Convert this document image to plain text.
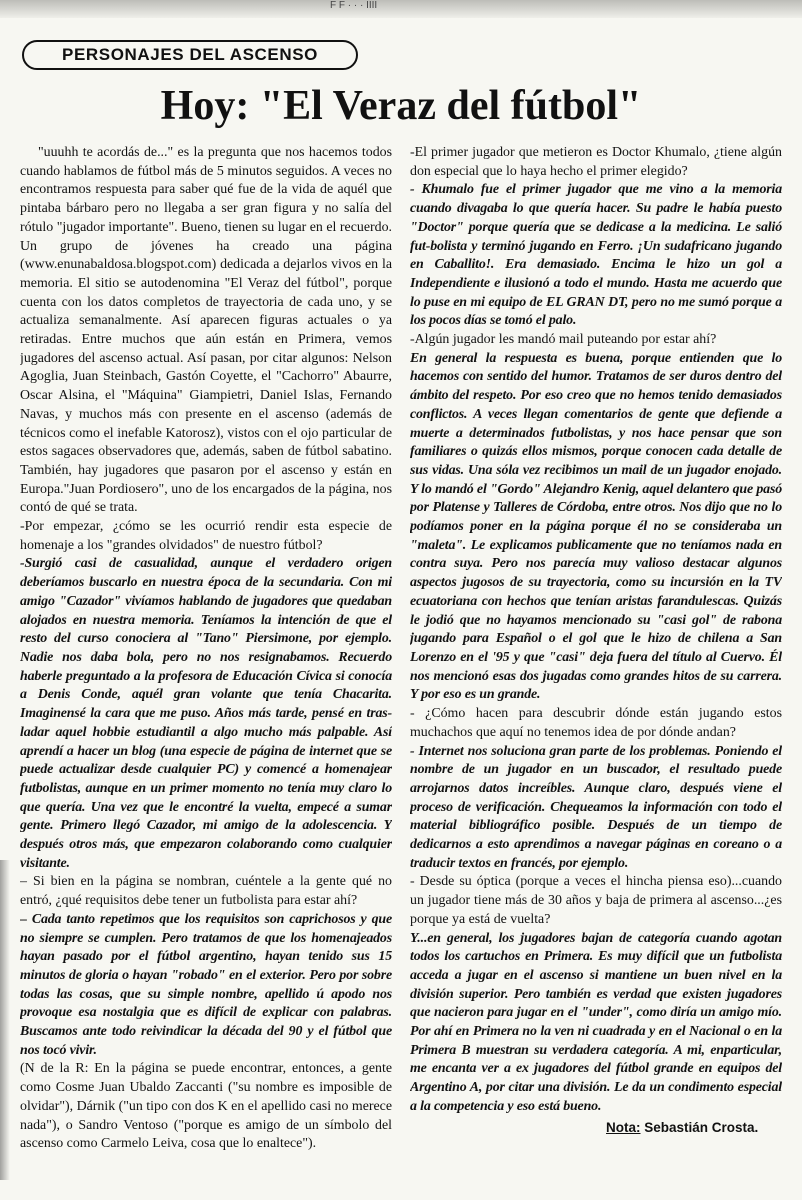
F F · · · IIII
PERSONAJES DEL ASCENSO
Hoy: "El Veraz del fútbol"

"uuuhh te acordás de..." es la pregunta que nos hacemos todos cuando hablamos de fútbol más de 5 minutos seguidos. A veces no encontramos respuesta para saber qué fue de la vida de aquél que pintaba bárbaro pero no llegaba a ser gran figura y no salía del rótulo "jugador importante". Bueno, tienen su lugar en el recuerdo. Un grupo de jóvenes ha creado una página (www.enunabaldosa.blogspot.com) dedicada a dejarlos vivos en la memoria. El sitio se autodenomina "El Veraz del fútbol", porque cuenta con los datos completos de trayectoria de cada uno, y se actualiza semanalmente. Así aparecen figuras actuales o ya retiradas. Entre muchos que aún están en Primera, vemos jugadores del ascenso actual. Así pasan, por citar algunos: Nelson Agoglia, Juan Steinbach, Gastón Coyette, el "Cachorro" Abaurre, Oscar Alsina, el "Máquina" Giampietri, Daniel Islas, Fernando Navas, y muchos más con presente en el ascenso (además de técnicos como el inefable Katorosz), vistos con el ojo particular de estos sagaces observadores que, además, saben de fútbol sabatino. También, hay jugadores que pasaron por el ascenso y están en Europa."Juan Pordiosero", uno de los encargados de la página, nos contó de qué se trata.

-Por empezar, ¿cómo se les ocurrió rendir esta especie de homenaje a los "grandes olvidados" de nuestro fútbol?

-Surgió casi de casualidad, aunque el verdadero origen deberíamos buscarlo en nuestra época de la secundaria. Con mi amigo "Cazador" vivíamos hablando de jugadores que quedaban alojados en nuestra memoria. Teníamos la intención de que el resto del curso conociera al "Tano" Piersimone, por ejemplo. Nadie nos daba bola, pero no nos resignabamos. Recuerdo haberle preguntado a la profesora de Educación Cívica si conocía a Denis Conde, aquél gran volante que tenía Chacarita. Imaginensé la cara que me puso. Años más tarde, pensé en tras-ladar aquel hobbie estudiantil a algo mucho más palpable. Así aprendí a hacer un blog (una especie de página de internet que se puede actualizar desde cualquier PC) y comencé a homenajear futbolistas, aunque en un primer momento no tenía muy claro lo que quería. Una vez que le encontré la vuelta, empecé a sumar gente. Primero llegó Cazador, mi amigo de la adolescencia. Y después otros más, que empezaron colaborando como cualquier visitante.

– Si bien en la página se nombran, cuéntele a la gente qué no entró, ¿qué requisitos debe tener un futbolista para estar ahí?

– Cada tanto repetimos que los requisitos son caprichosos y que no siempre se cumplen. Pero tratamos de que los homenajeados hayan pasado por el fútbol argentino, hayan tenido sus 15 minutos de gloria o hayan "robado" en el exterior. Pero por sobre todas las cosas, que su simple nombre, apellido ú apodo nos provoque esa nostalgia que es difícil de explicar con palabras. Buscamos ante todo reivindicar la década del 90 y el fútbol que nos tocó vivir.

(N de la R: En la página se puede encontrar, entonces, a gente como Cosme Juan Ubaldo Zaccanti ("su nombre es imposible de olvidar"), Dárnik ("un tipo con dos K en el apellido casi no merece nada"), o Sandro Ventoso ("porque es amigo de un símbolo del ascenso como Carmelo Leiva, cosa que lo enaltece").

-El primer jugador que metieron es Doctor Khumalo, ¿tiene algún don especial que lo haya hecho el primer elegido?

- Khumalo fue el primer jugador que me vino a la memoria cuando divagaba lo que quería hacer. Su padre le había puesto "Doctor" porque quería que se dedicase a la medicina. Le salió fut-bolista y terminó jugando en Ferro. ¡Un sudafricano jugando en Caballito!. Era demasiado. Encima le hizo un gol a Independiente e ilusionó a todo el mundo. Hasta me acuerdo que lo puse en mi equipo de EL GRAN DT, pero no me sumó porque a los pocos días se tomó el palo.

-Algún jugador les mandó mail puteando por estar ahí?

En general la respuesta es buena, porque entienden que lo hacemos con sentido del humor. Tratamos de ser duros dentro del ámbito del respeto. Por eso creo que no hemos tenido demasiados conflictos. A veces llegan comentarios de gente que defiende a muerte a determinados futbolistas, y nos hace pensar que son familiares o quizás ellos mismos, porque conocen cada detalle de sus vidas. Una sóla vez recibimos un mail de un jugador enojado. Y lo mandó el "Gordo" Alejandro Kenig, aquel delantero que pasó por Platense y Talleres de Córdoba, entre otros. Nos dijo que no lo podíamos poner en la página porque él no se consideraba un "maleta". Le explicamos publicamente que no teníamos nada en contra suya. Pero nos parecía muy valioso destacar algunos aspectos jugosos de su trayectoria, como su incursión en la TV ecuatoriana con hechos que tenían aristas farandulescas. Quizás le jodió que no hayamos mencionado su "casi gol" de rabona jugando para Español o el gol que le hizo de chilena a San Lorenzo en el '95 y que "casi" deja fuera del título al Cuervo. Él nos mencionó esas dos jugadas como grandes hitos de su carrera. Y por eso es un grande.

- ¿Cómo hacen para descubrir dónde están jugando estos muchachos que aquí no tenemos idea de por dónde andan?

- Internet nos soluciona gran parte de los problemas. Poniendo el nombre de un jugador en un buscador, el resultado puede arrojarnos datos increíbles. Aunque claro, después viene el proceso de verificación. Chequeamos la información con todo el material bibliográfico posible. Después de un tiempo de dedicarnos a esto aprendimos a navegar páginas en coreano o a traducir textos en francés, por ejemplo.

- Desde su óptica (porque a veces el hincha piensa eso)...cuando un jugador tiene más de 30 años y baja de primera al ascenso...¿es porque ya está de vuelta?

Y...en general, los jugadores bajan de categoría cuando agotan todos los cartuchos en Primera. Es muy difícil que un futbolista acceda a jugar en el ascenso si mantiene un buen nivel en la división superior. Pero también es verdad que existen jugadores que nacieron para jugar en el "under", como diría un amigo mío. Por ahí en Primera no la ven ni cuadrada y en el Nacional o en la Primera B muestran su verdadera categoría. A mi, enparticular, me encanta ver a ex jugadores del fútbol grande en equipos del Argentino A, por citar una división. Le da un condimento especial a la competencia y eso está bueno.

Nota: Sebastián Crosta.
